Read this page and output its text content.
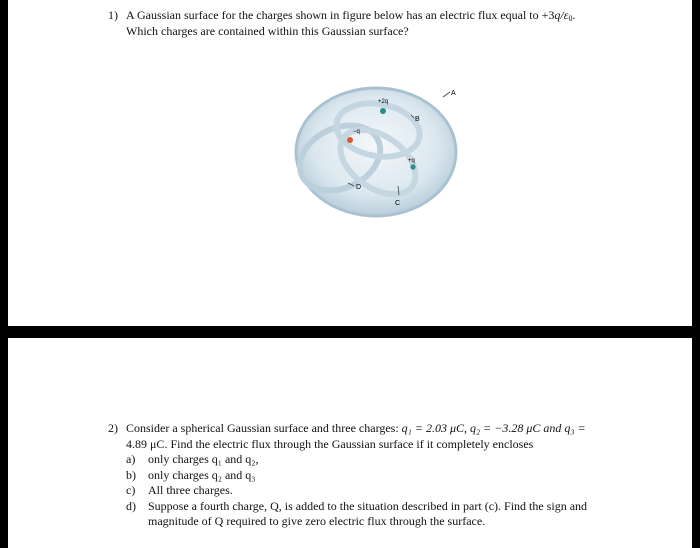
1) A Gaussian surface for the charges shown in figure below has an electric flux equal to $+3q/\varepsilon_0$.
Which charges are contained within this Gaussian surface?
A
B
C
D
+2q
−q
+q
2) Consider a spherical Gaussian surface and three charges: q₁ = 2.03 μC, q₂ = −3.28 μC and q₃ =
4.89 μC. Find the electric flux through the Gaussian surface if it completely encloses
a) only charges q₁ and q₂,
b) only charges q₂ and q₃
c) All three charges.
d) Suppose a fourth charge, Q, is added to the situation described in part (c). Find the sign and magnitude of Q required to give zero electric flux through the surface.
